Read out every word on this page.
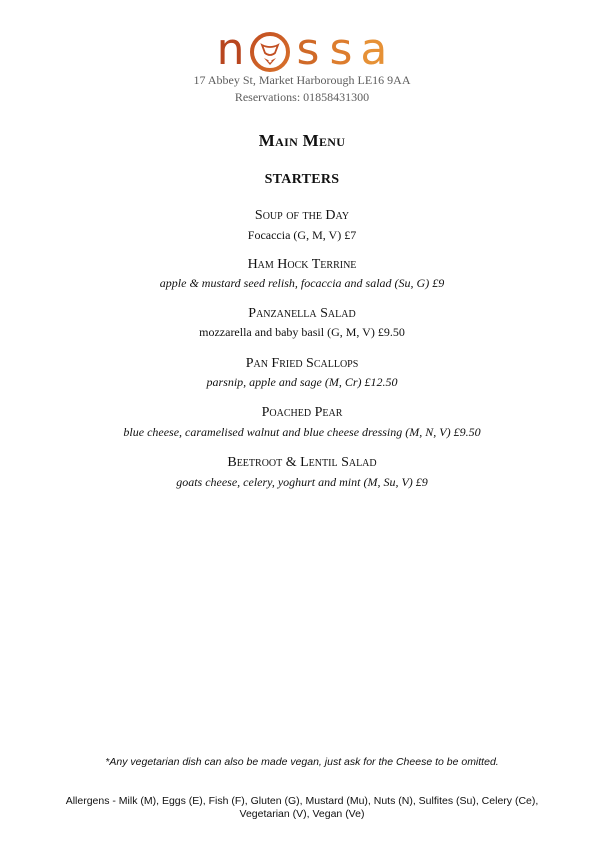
n s s a
17 Abbey St, Market Harborough LE16 9AA
Reservations: 01858431300
Main Menu
STARTERS
Soup of the Day
Focaccia (G, M, V) £7
Ham Hock Terrine
apple & mustard seed relish, focaccia and salad (Su, G) £9
Panzanella Salad
mozzarella and baby basil (G, M, V) £9.50
Pan Fried Scallops
parsnip, apple and sage (M, Cr) £12.50
Poached Pear
blue cheese, caramelised walnut and blue cheese dressing (M, N, V) £9.50
Beetroot & Lentil Salad
goats cheese, celery, yoghurt and mint (M, Su, V) £9
*Any vegetarian dish can also be made vegan, just ask for the Cheese to be omitted.
Allergens - Milk (M), Eggs (E), Fish (F), Gluten (G), Mustard (Mu), Nuts (N), Sulfites (Su), Celery (Ce), Vegetarian (V), Vegan (Ve)
